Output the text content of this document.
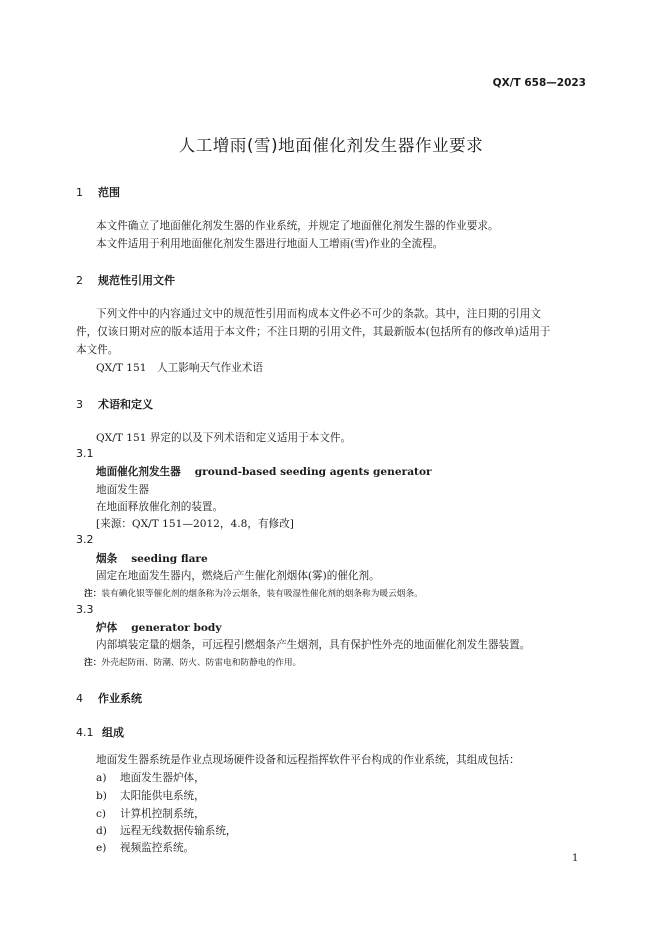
QX/T 658—2023
人工增雨(雪)地面催化剂发生器作业要求
1 范围
本文件确立了地面催化剂发生器的作业系统，并规定了地面催化剂发生器的作业要求。
本文件适用于利用地面催化剂发生器进行地面人工增雨(雪)作业的全流程。
2 规范性引用文件
下列文件中的内容通过文中的规范性引用而构成本文件必不可少的条款。其中，注日期的引用文
件，仅该日期对应的版本适用于本文件；不注日期的引用文件，其最新版本(包括所有的修改单)适用于
本文件。
QX/T 151　人工影响天气作业术语
3 术语和定义
QX/T 151 界定的以及下列术语和定义适用于本文件。
3.1
地面催化剂发生器 ground-based seeding agents generator
地面发生器
在地面释放催化剂的装置。
[来源：QX/T 151—2012，4.8，有修改]
3.2
烟条 seeding flare
固定在地面发生器内，燃烧后产生催化剂烟体(雾)的催化剂。
注：装有碘化银等催化剂的烟条称为冷云烟条，装有吸湿性催化剂的烟条称为暖云烟条。
3.3
炉体 generator body
内部填装定量的烟条，可远程引燃烟条产生烟剂，具有保护性外壳的地面催化剂发生器装置。
注：外壳起防雨、防潮、防火、防雷电和防静电的作用。
4 作业系统
4.1 组成
地面发生器系统是作业点现场硬件设备和远程指挥软件平台构成的作业系统，其组成包括：
a) 地面发生器炉体，
b) 太阳能供电系统，
c) 计算机控制系统，
d) 远程无线数据传输系统，
e) 视频监控系统。
1
